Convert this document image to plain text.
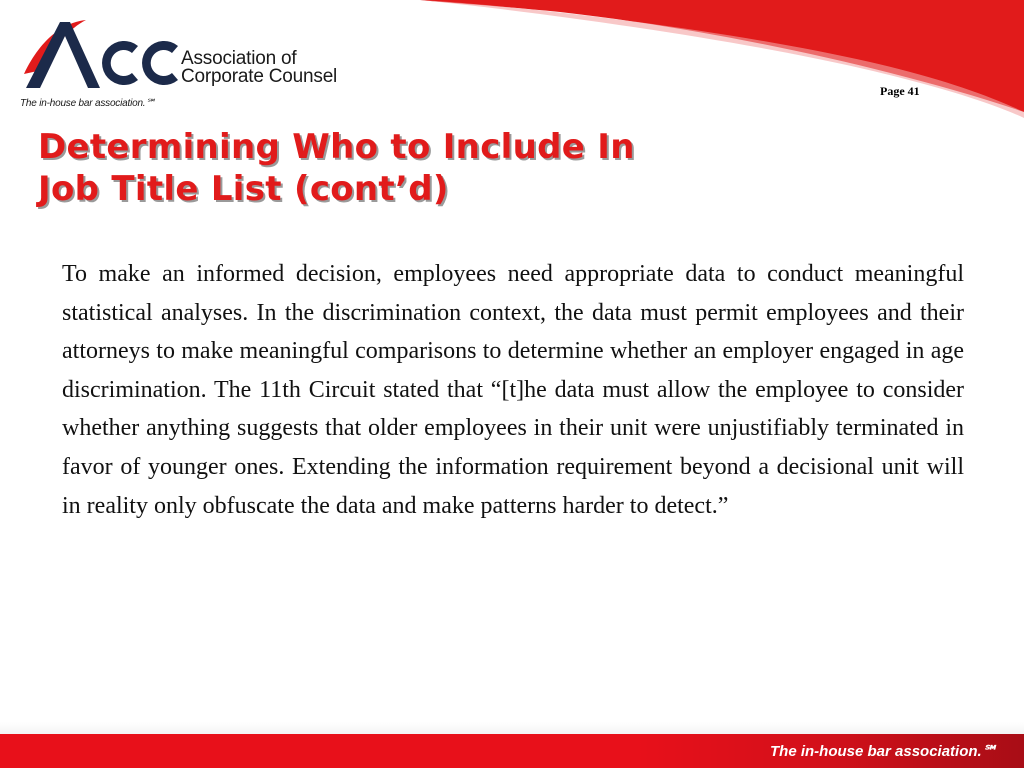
Association of
Corporate Counsel
The in-house bar association.℠
Page 41
Determining Who to Include In
Job Title List (cont’d)

To make an informed decision, employees need appropriate data to conduct meaningful statistical analyses. In the discrimination context, the data must permit employees and their attorneys to make meaningful comparisons to determine whether an employer engaged in age discrimination. The 11th Circuit stated that “[t]he data must allow the employee to consider whether anything suggests that older employees in their unit were unjustifiably terminated in favor of younger ones. Extending the information requirement beyond a decisional unit will in reality only obfuscate the data and make patterns harder to detect.”

The in-house bar association.℠
